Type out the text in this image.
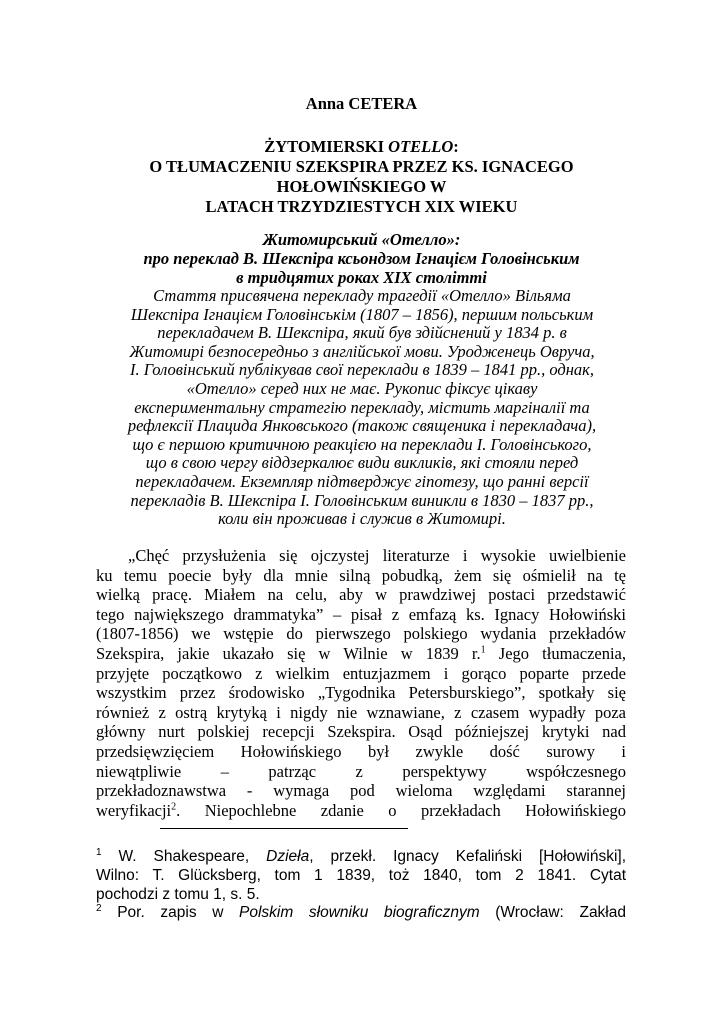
Anna CETERA
ŻYTOMIERSKI OTELLO:
O TŁUMACZENIU SZEKSPIRA PRZEZ KS. IGNACEGO
HOŁOWIŃSKIEGO W
LATACH TRZYDZIESTYCH XIX WIEKU
Житомирський «Отелло»:
про переклад В. Шекспіра ксьондзом Ігнацієм Головінським
в тридцятих роках XIX столітті
Стаття присвячена перекладу трагедії «Отелло» Вільяма
Шекспіра Ігнацієм Головінськім (1807 – 1856), першим польським
перекладачем В. Шекспіра, який був здійснений у 1834 р. в
Житомирі безпосередньо з англійської мови. Уродженець Овруча,
І. Головінський публікував свої переклади в 1839 – 1841 рр., однак,
«Отелло» серед них не має. Рукопис фіксує цікаву
експериментальну стратегію перекладу, містить маргіналії та
рефлексії Плацида Янковського (також священика і перекладача),
що є першою критичною реакцією на переклади І. Головінського,
що в свою чергу віддзеркалює види викликів, які стояли перед
перекладачем. Екземпляр підтверджує гіпотезу, що ранні версії
перекладів В. Шекспіра І. Головінським виникли в 1830 – 1837 рр.,
коли він проживав і служив в Житомирі.
„Chęć przysłużenia się ojczystej literaturze i wysokie uwielbienie
ku temu poecie były dla mnie silną pobudką, żem się ośmielił na tę
wielką pracę. Miałem na celu, aby w prawdziwej postaci przedstawić
tego największego drammatyka” – pisał z emfazą ks. Ignacy Hołowiński
(1807-1856) we wstępie do pierwszego polskiego wydania przekładów
Szekspira, jakie ukazało się w Wilnie w 1839 r.$^1$ Jego tłumaczenia,
przyjęte początkowo z wielkim entuzjazmem i gorąco poparte przede
wszystkim przez środowisko „Tygodnika Petersburskiego”, spotkały się
również z ostrą krytyką i nigdy nie wznawiane, z czasem wypadły poza
główny nurt polskiej recepcji Szekspira. Osąd późniejszej krytyki nad
przedsięwzięciem Hołowińskiego był zwykle dość surowy i
niewątpliwie – patrząc z perspektywy współczesnego
przekładoznawstwa - wymaga pod wieloma względami starannej
weryfikacji$^2$. Niepochlebne zdanie o przekładach Hołowińskiego
$^1$ W. Shakespeare, Dzieła, przekł. Ignacy Kefaliński [Hołowiński],
Wilno: T. Glücksberg, tom 1 1839, toż 1840, tom 2 1841. Cytat
pochodzi z tomu 1, s. 5.
$^2$ Por. zapis w Polskim słowniku biograficznym (Wrocław: Zakład
